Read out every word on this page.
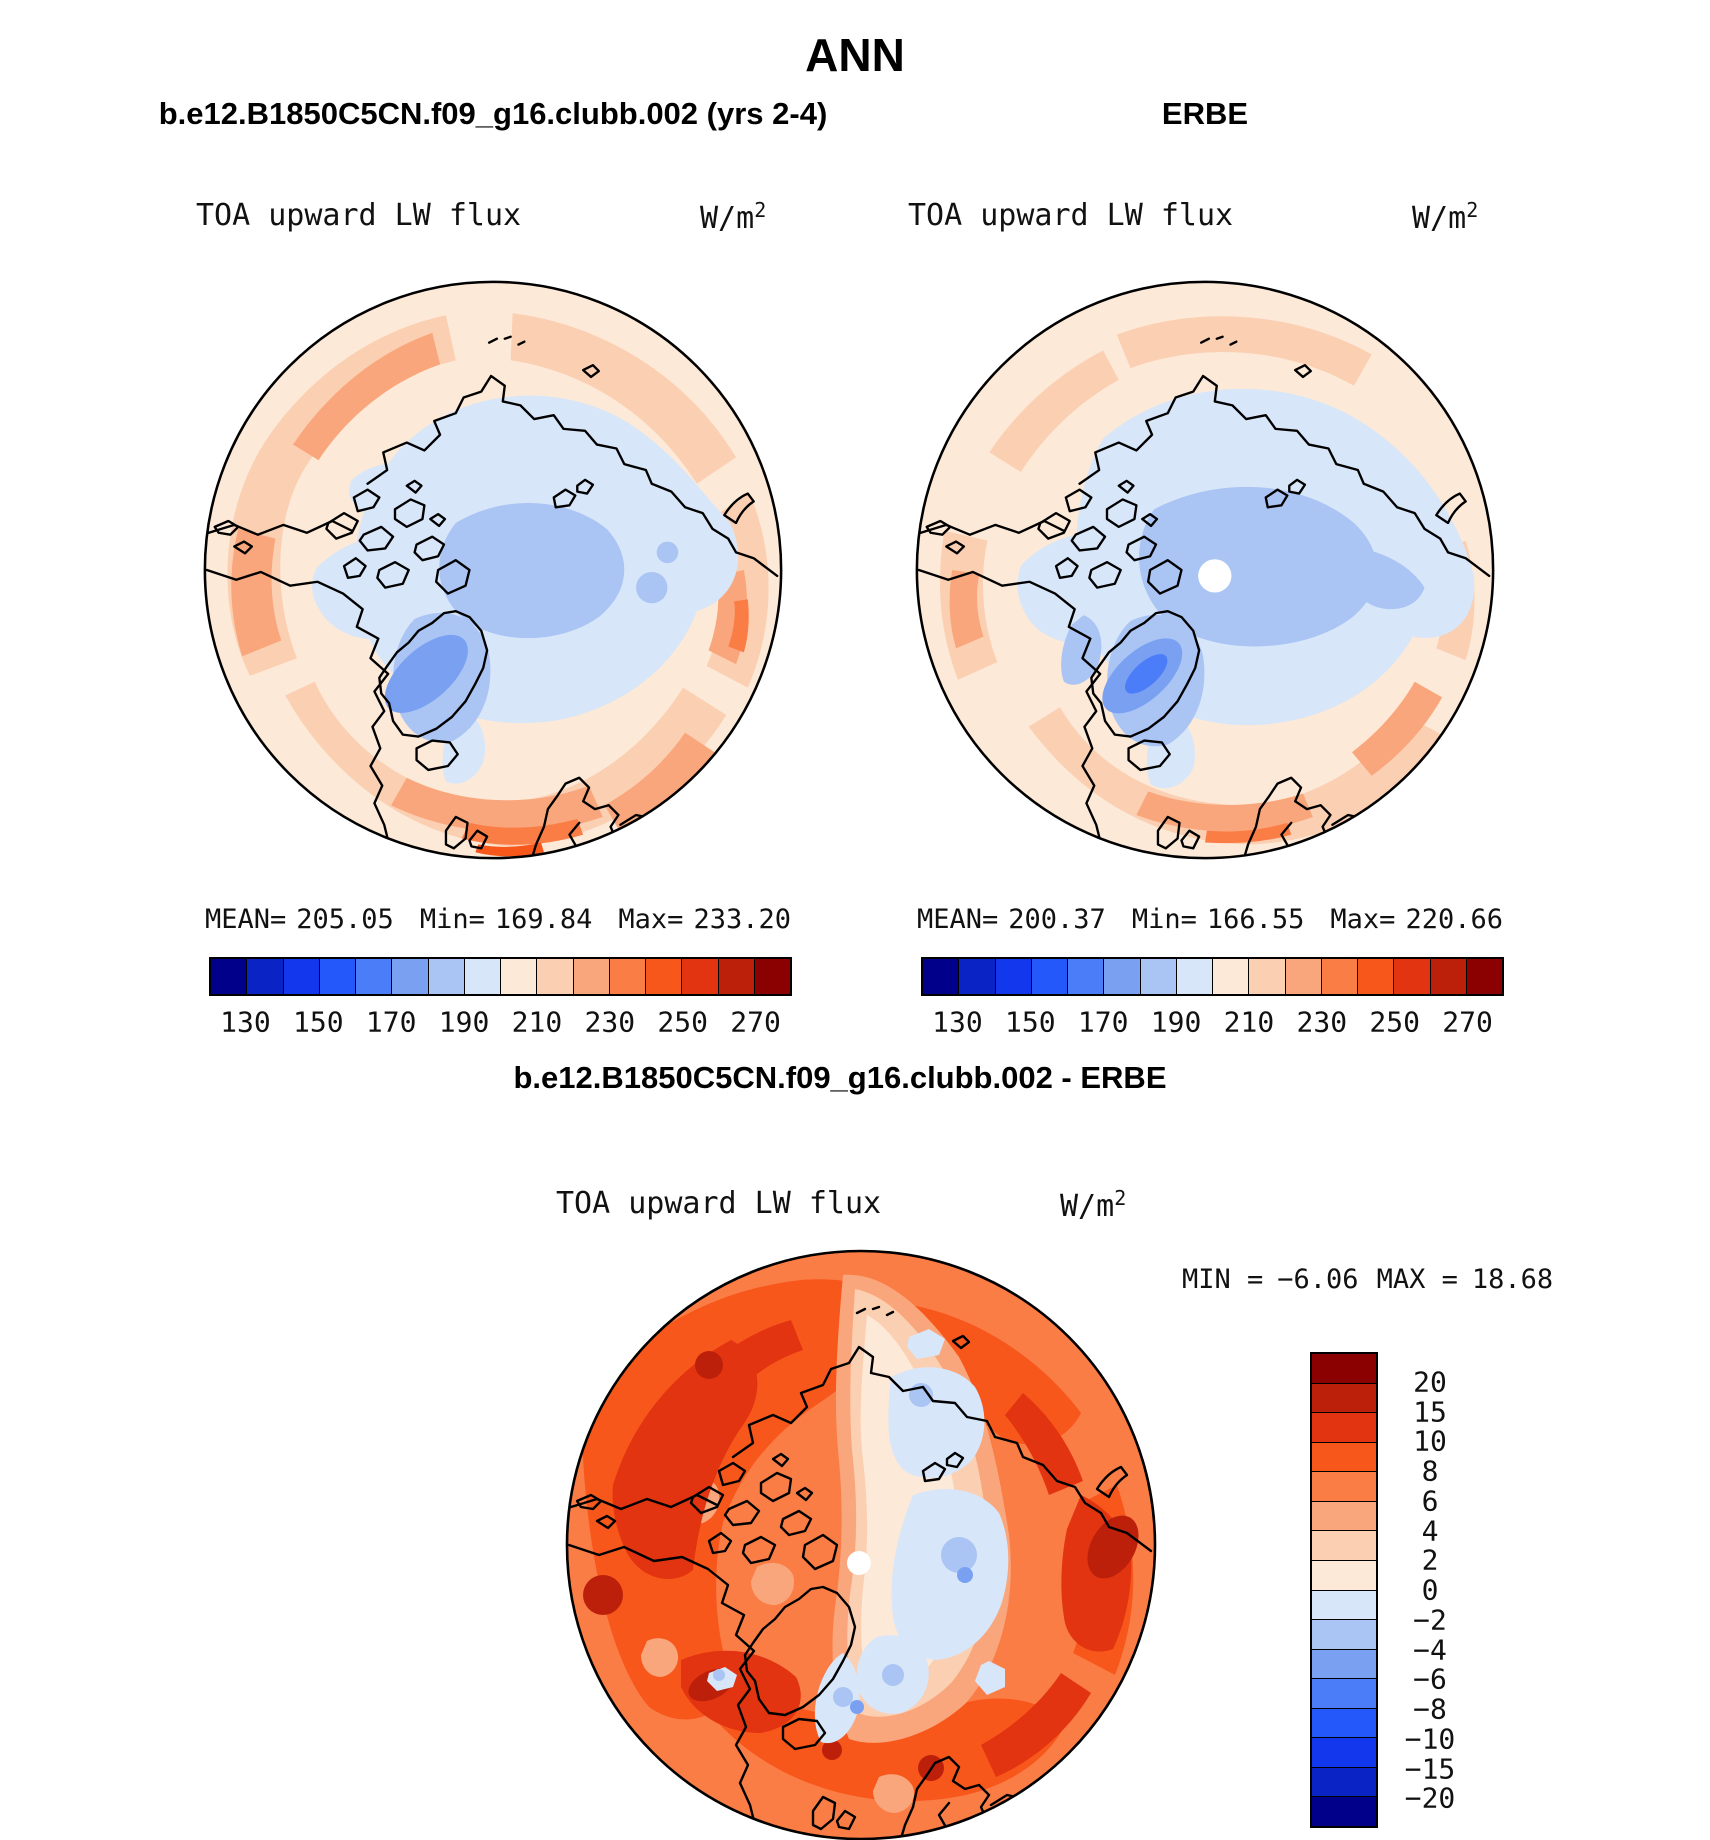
ANN
b.e12.B1850C5CN.f09_g16.clubb.002 (yrs 2-4)	ERBE
TOA upward LW flux	$W/m^2$	TOA upward LW flux	$W/m^2$
MEAN= 205.05 Min= 169.84 Max= 233.20	MEAN= 200.37 Min= 166.55 Max= 220.66
130 150 170 190 210 230 250 270	130 150 170 190 210 230 250 270
b.e12.B1850C5CN.f09_g16.clubb.002 - ERBE
TOA upward LW flux	$W/m^2$
MIN = −6.06 MAX = 18.68
20
15
10
8
6
4
2
0
−2
−4
−6
−8
−10
−15
−20
